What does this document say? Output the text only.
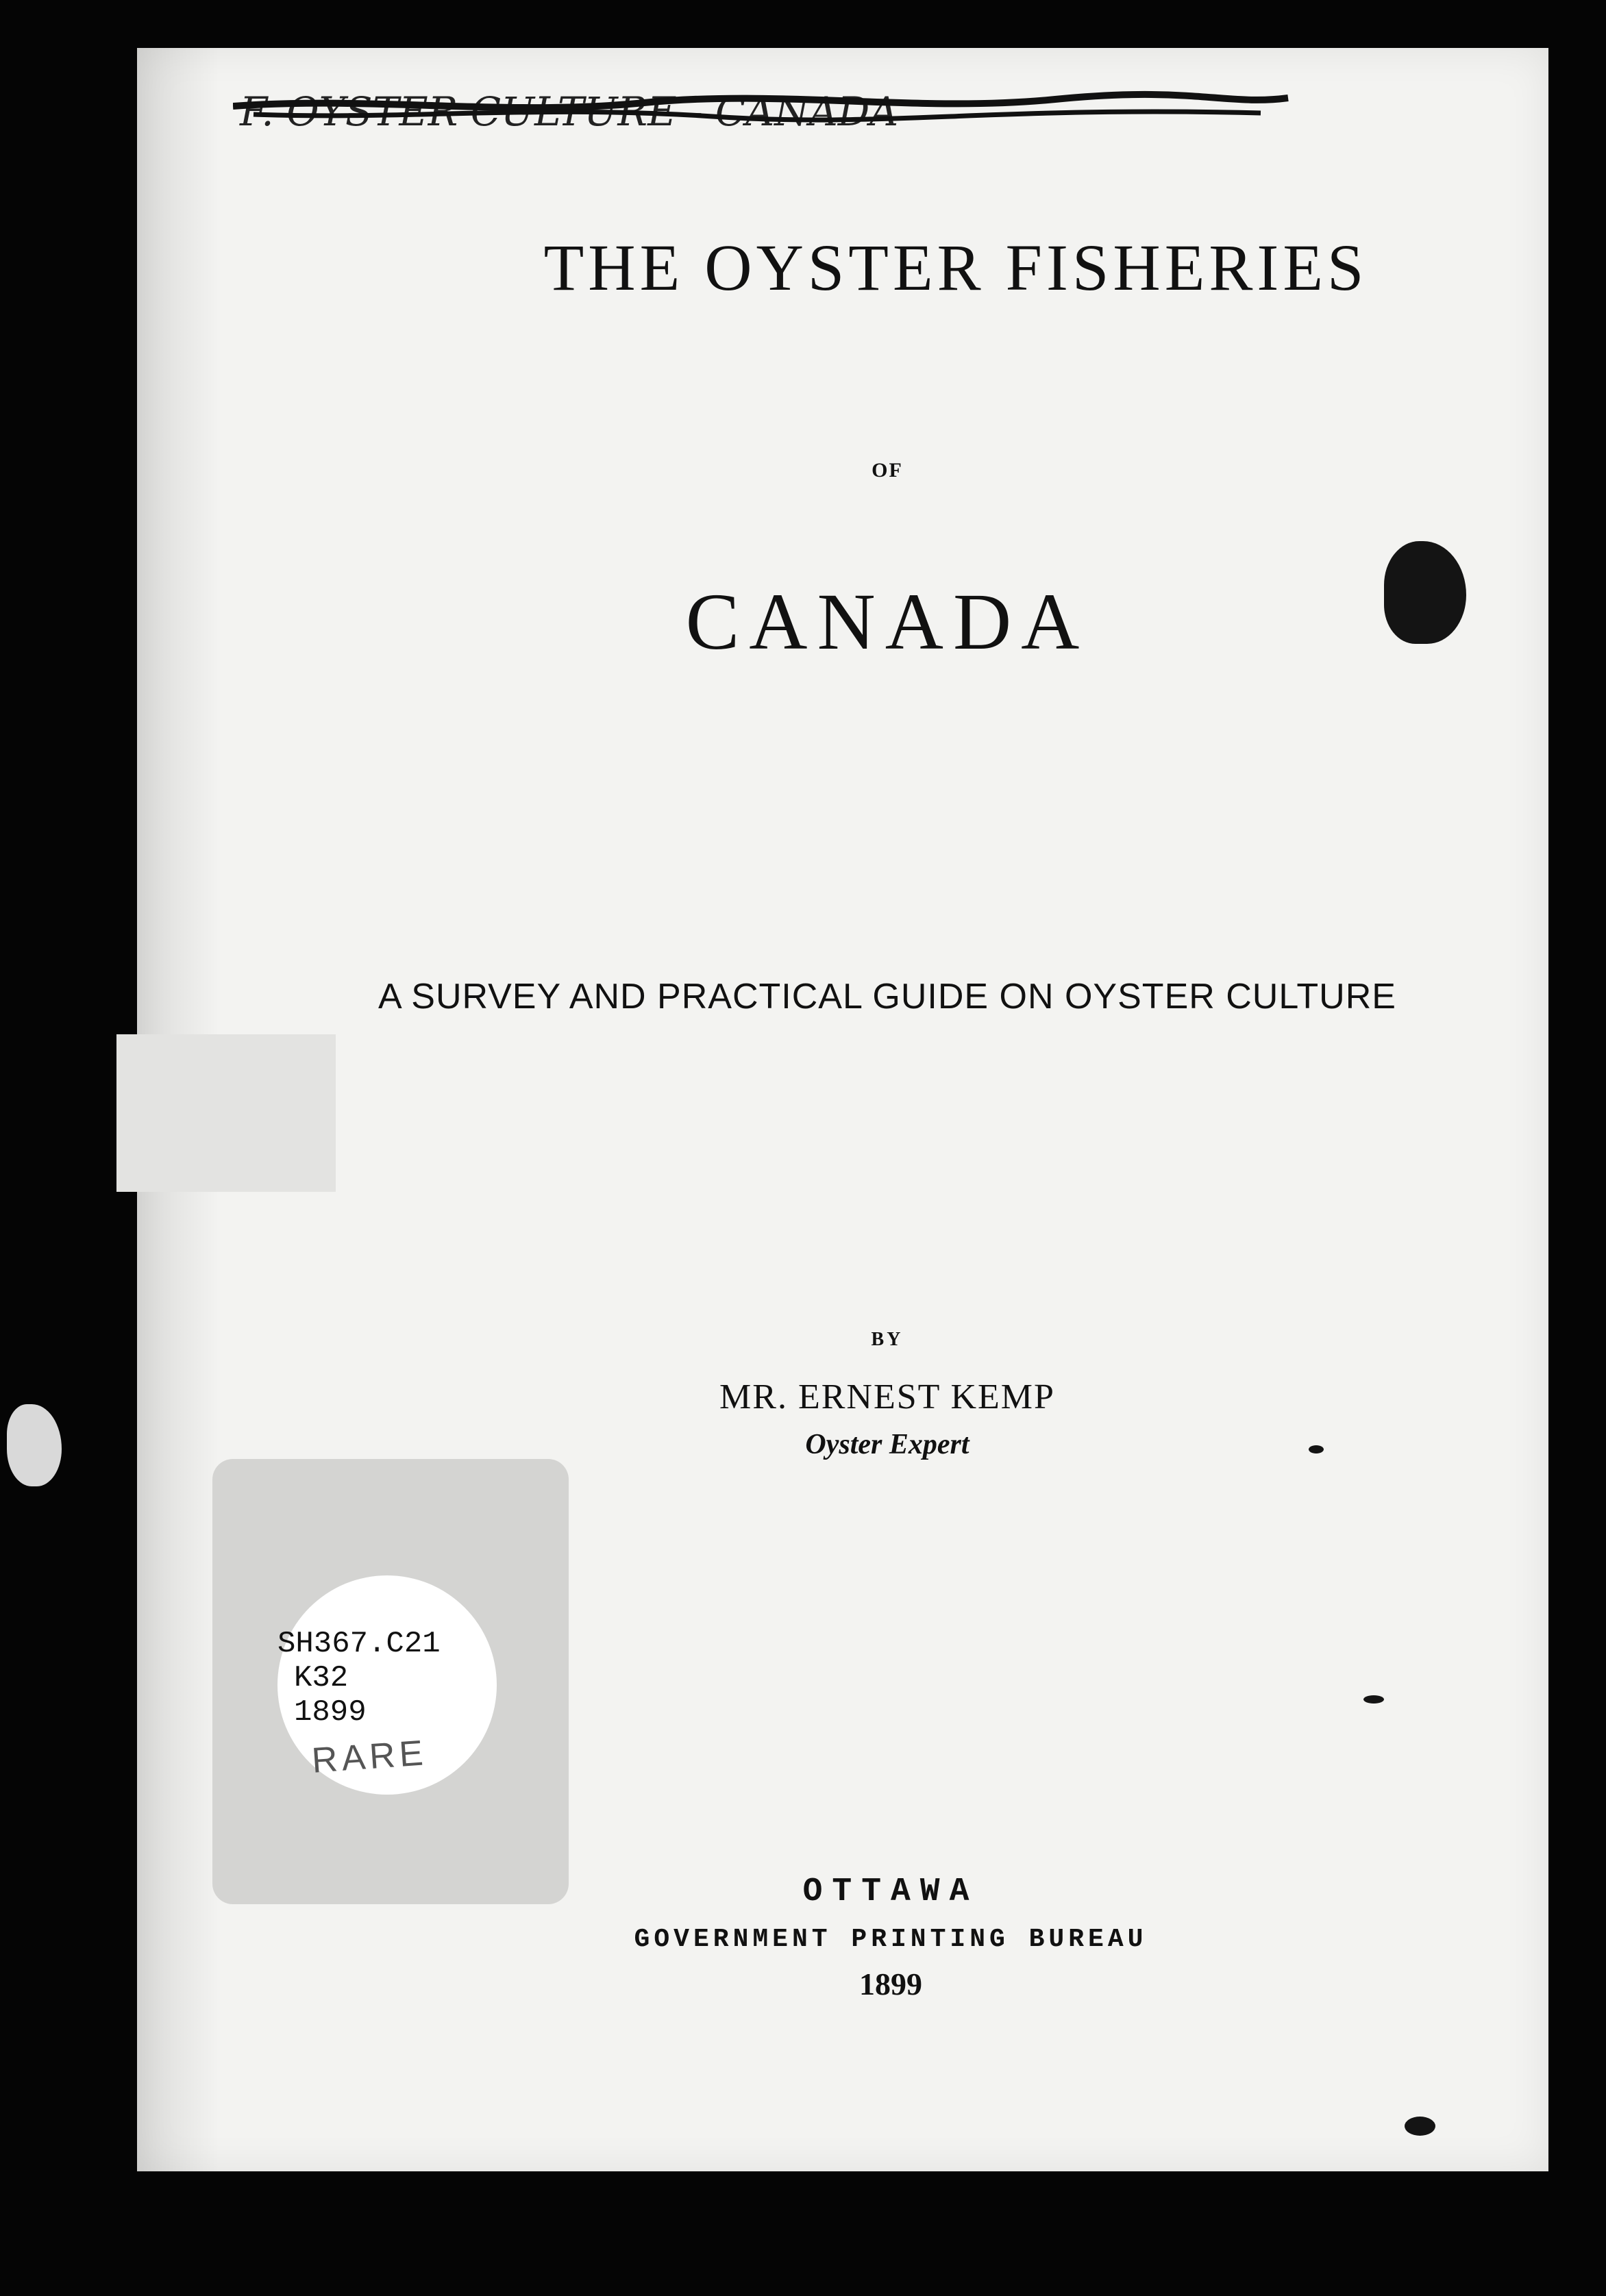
F. OYSTER CULTURE - CANADA
THE OYSTER FISHERIES
OF
CANADA
A SURVEY AND PRACTICAL GUIDE ON OYSTER CULTURE
BY
MR. ERNEST KEMP
Oyster Expert
OTTAWA
GOVERNMENT PRINTING BUREAU
1899
SH367.C21
K32
1899
RARE
